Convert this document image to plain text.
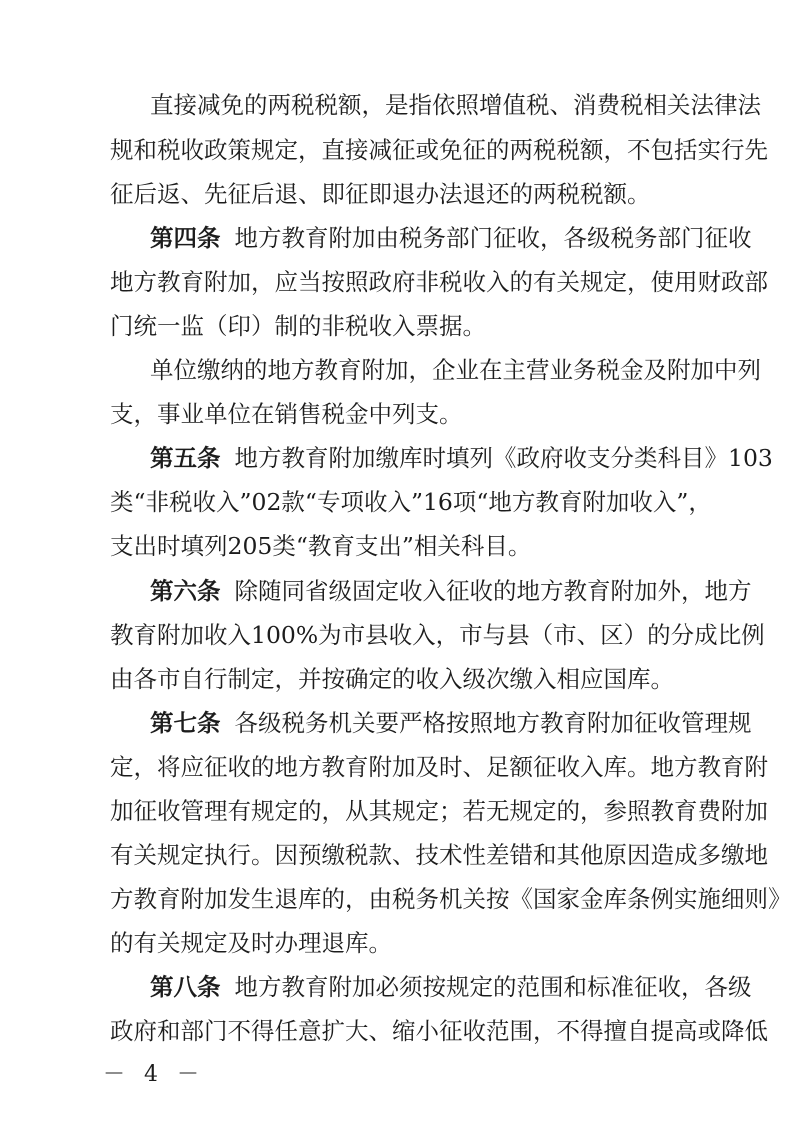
直接减免的两税税额，是指依照增值税、消费税相关法律法
规和税收政策规定，直接减征或免征的两税税额，不包括实行先
征后返、先征后退、即征即退办法退还的两税税额。
第四条 地方教育附加由税务部门征收，各级税务部门征收
地方教育附加，应当按照政府非税收入的有关规定，使用财政部
门统一监（印）制的非税收入票据。
单位缴纳的地方教育附加，企业在主营业务税金及附加中列
支，事业单位在销售税金中列支。
第五条 地方教育附加缴库时填列《政府收支分类科目》103
类“非税收入”02款“专项收入”16项“地方教育附加收入”，
支出时填列205类“教育支出”相关科目。
第六条 除随同省级固定收入征收的地方教育附加外，地方
教育附加收入100%为市县收入，市与县（市、区）的分成比例
由各市自行制定，并按确定的收入级次缴入相应国库。
第七条 各级税务机关要严格按照地方教育附加征收管理规
定，将应征收的地方教育附加及时、足额征收入库。地方教育附
加征收管理有规定的，从其规定；若无规定的，参照教育费附加
有关规定执行。因预缴税款、技术性差错和其他原因造成多缴地
方教育附加发生退库的，由税务机关按《国家金库条例实施细则》
的有关规定及时办理退库。
第八条 地方教育附加必须按规定的范围和标准征收，各级
政府和部门不得任意扩大、缩小征收范围，不得擅自提高或降低
－ 4 －
